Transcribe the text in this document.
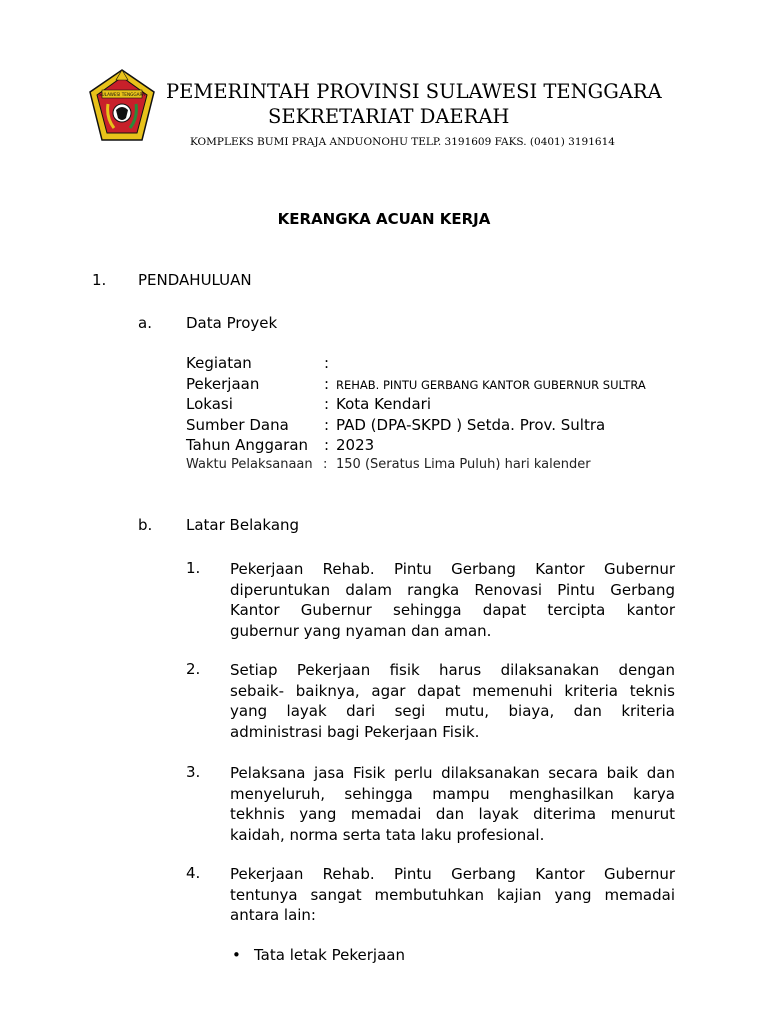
SULAWESI TENGGARA PEMERINTAH PROVINSI SULAWESI TENGGARA
SEKRETARIAT DAERAH
KOMPLEKS BUMI PRAJA ANDUONOHU TELP. 3191609 FAKS. (0401) 3191614
KERANGKA ACUAN KERJA
1. PENDAHULUAN
a. Data Proyek
Kegiatan	:
Pekerjaan	: REHAB. PINTU GERBANG KANTOR GUBERNUR SULTRA
Lokasi	: Kota Kendari
Sumber Dana : PAD (DPA-SKPD ) Setda. Prov. Sultra
Tahun Anggaran : 2023
Waktu Pelaksanaan : 150 (Seratus Lima Puluh) hari kalender
b. Latar Belakang
1. Pekerjaan Rehab. Pintu Gerbang Kantor Gubernur
diperuntukan dalam rangka Renovasi Pintu Gerbang
Kantor Gubernur sehingga dapat tercipta kantor
gubernur yang nyaman dan aman.
2. Setiap Pekerjaan fisik harus dilaksanakan dengan
sebaik- baiknya, agar dapat memenuhi kriteria teknis
yang layak dari segi mutu, biaya, dan kriteria
administrasi bagi Pekerjaan Fisik.
3. Pelaksana jasa Fisik perlu dilaksanakan secara baik dan
menyeluruh, sehingga mampu menghasilkan karya
tekhnis yang memadai dan layak diterima menurut
kaidah, norma serta tata laku profesional.
4. Pekerjaan Rehab. Pintu Gerbang Kantor Gubernur
tentunya sangat membutuhkan kajian yang memadai
antara lain:
• Tata letak Pekerjaan
